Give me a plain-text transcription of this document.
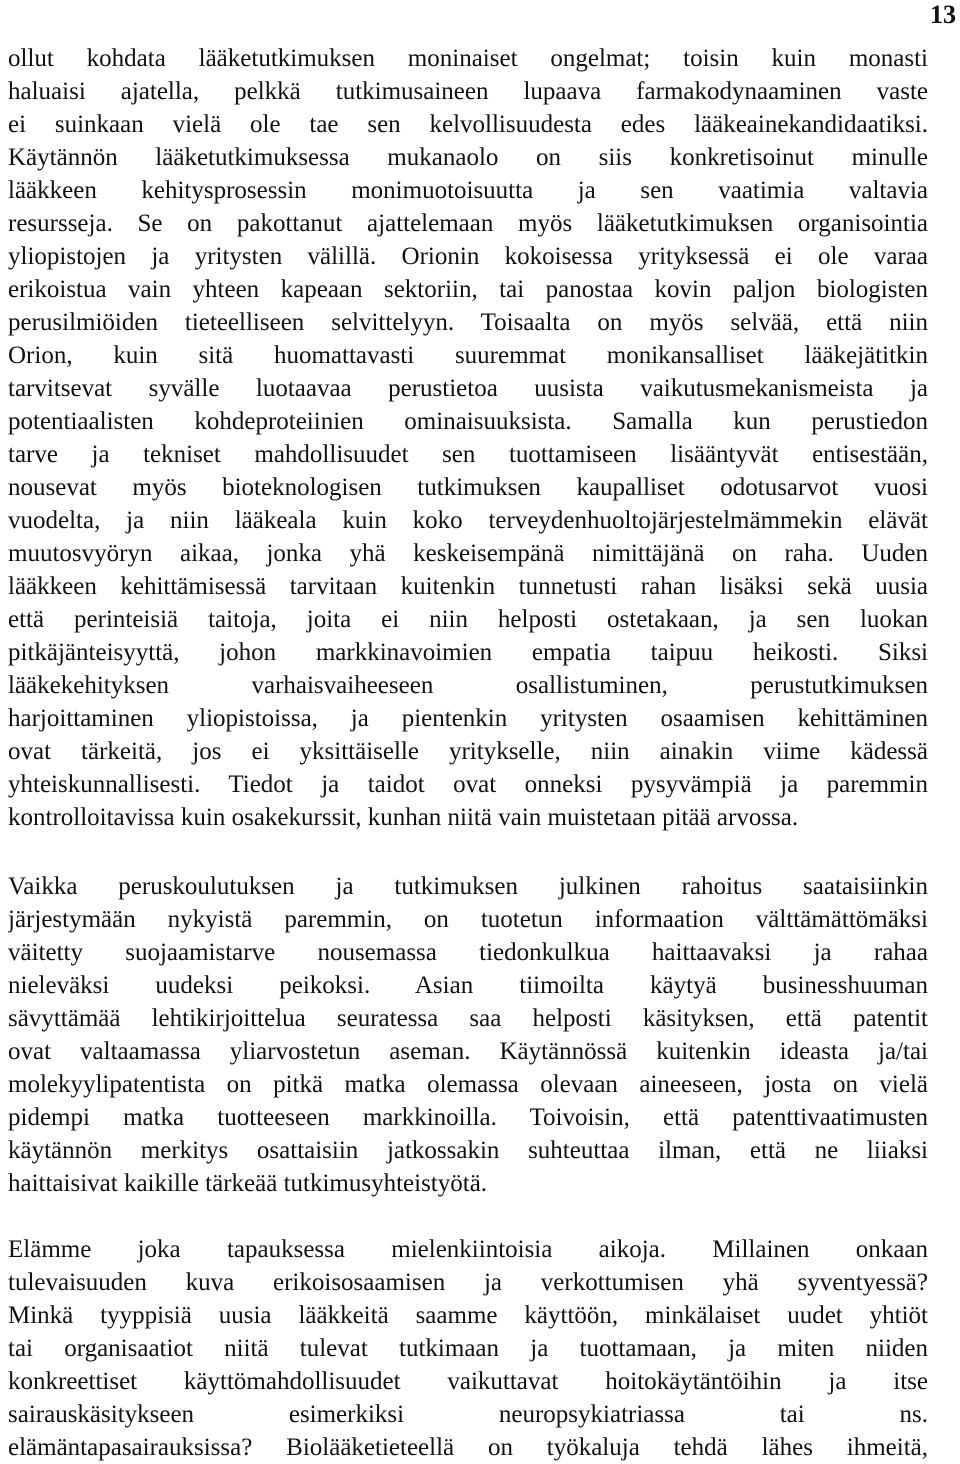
13
ollut kohdata lääketutkimuksen moninaiset ongelmat; toisin kuin monasti
haluaisi ajatella, pelkkä tutkimusaineen lupaava farmakodynaaminen vaste
ei suinkaan vielä ole tae sen kelvollisuudesta edes lääkeainekandidaatiksi.
Käytännön lääketutkimuksessa mukanaolo on siis konkretisoinut minulle
lääkkeen kehitysprosessin monimuotoisuutta ja sen vaatimia valtavia
resursseja. Se on pakottanut ajattelemaan myös lääketutkimuksen organisointia
yliopistojen ja yritysten välillä. Orionin kokoisessa yrityksessä ei ole varaa
erikoistua vain yhteen kapeaan sektoriin, tai panostaa kovin paljon biologisten
perusilmiöiden tieteelliseen selvittelyyn. Toisaalta on myös selvää, että niin
Orion, kuin sitä huomattavasti suuremmat monikansalliset lääkejätitkin
tarvitsevat syvälle luotaavaa perustietoa uusista vaikutusmekanismeista ja
potentiaalisten kohdeproteiinien ominaisuuksista. Samalla kun perustiedon
tarve ja tekniset mahdollisuudet sen tuottamiseen lisääntyvät entisestään,
nousevat myös bioteknologisen tutkimuksen kaupalliset odotusarvot vuosi
vuodelta, ja niin lääkeala kuin koko terveydenhuoltojärjestelmämmekin elävät
muutosvyöryn aikaa, jonka yhä keskeisempänä nimittäjänä on raha. Uuden
lääkkeen kehittämisessä tarvitaan kuitenkin tunnetusti rahan lisäksi sekä uusia
että perinteisiä taitoja, joita ei niin helposti ostetakaan, ja sen luokan
pitkäjänteisyyttä, johon markkinavoimien empatia taipuu heikosti. Siksi
lääkekehityksen varhaisvaiheeseen osallistuminen, perustutkimuksen
harjoittaminen yliopistoissa, ja pientenkin yritysten osaamisen kehittäminen
ovat tärkeitä, jos ei yksittäiselle yritykselle, niin ainakin viime kädessä
yhteiskunnallisesti. Tiedot ja taidot ovat onneksi pysyvämpiä ja paremmin
kontrolloitavissa kuin osakekurssit, kunhan niitä vain muistetaan pitää arvossa.
Vaikka peruskoulutuksen ja tutkimuksen julkinen rahoitus saataisiinkin
järjestymään nykyistä paremmin, on tuotetun informaation välttämättömäksi
väitetty suojaamistarve nousemassa tiedonkulkua haittaavaksi ja rahaa
nieleväksi uudeksi peikoksi. Asian tiimoilta käytyä businesshuuman
sävyttämää lehtikirjoittelua seuratessa saa helposti käsityksen, että patentit
ovat valtaamassa yliarvostetun aseman. Käytännössä kuitenkin ideasta ja/tai
molekyylipatentista on pitkä matka olemassa olevaan aineeseen, josta on vielä
pidempi matka tuotteeseen markkinoilla. Toivoisin, että patenttivaatimusten
käytännön merkitys osattaisiin jatkossakin suhteuttaa ilman, että ne liiaksi
haittaisivat kaikille tärkeää tutkimusyhteistyötä.
Elämme joka tapauksessa mielenkiintoisia aikoja. Millainen onkaan
tulevaisuuden kuva erikoisosaamisen ja verkottumisen yhä syventyessä?
Minkä tyyppisiä uusia lääkkeitä saamme käyttöön, minkälaiset uudet yhtiöt
tai organisaatiot niitä tulevat tutkimaan ja tuottamaan, ja miten niiden
konkreettiset käyttömahdollisuudet vaikuttavat hoitokäytäntöihin ja itse
sairauskäsitykseen esimerkiksi neuropsykiatriassa tai ns.
elämäntapasairauksissa? Biolääketieteellä on työkaluja tehdä lähes ihmeitä,
